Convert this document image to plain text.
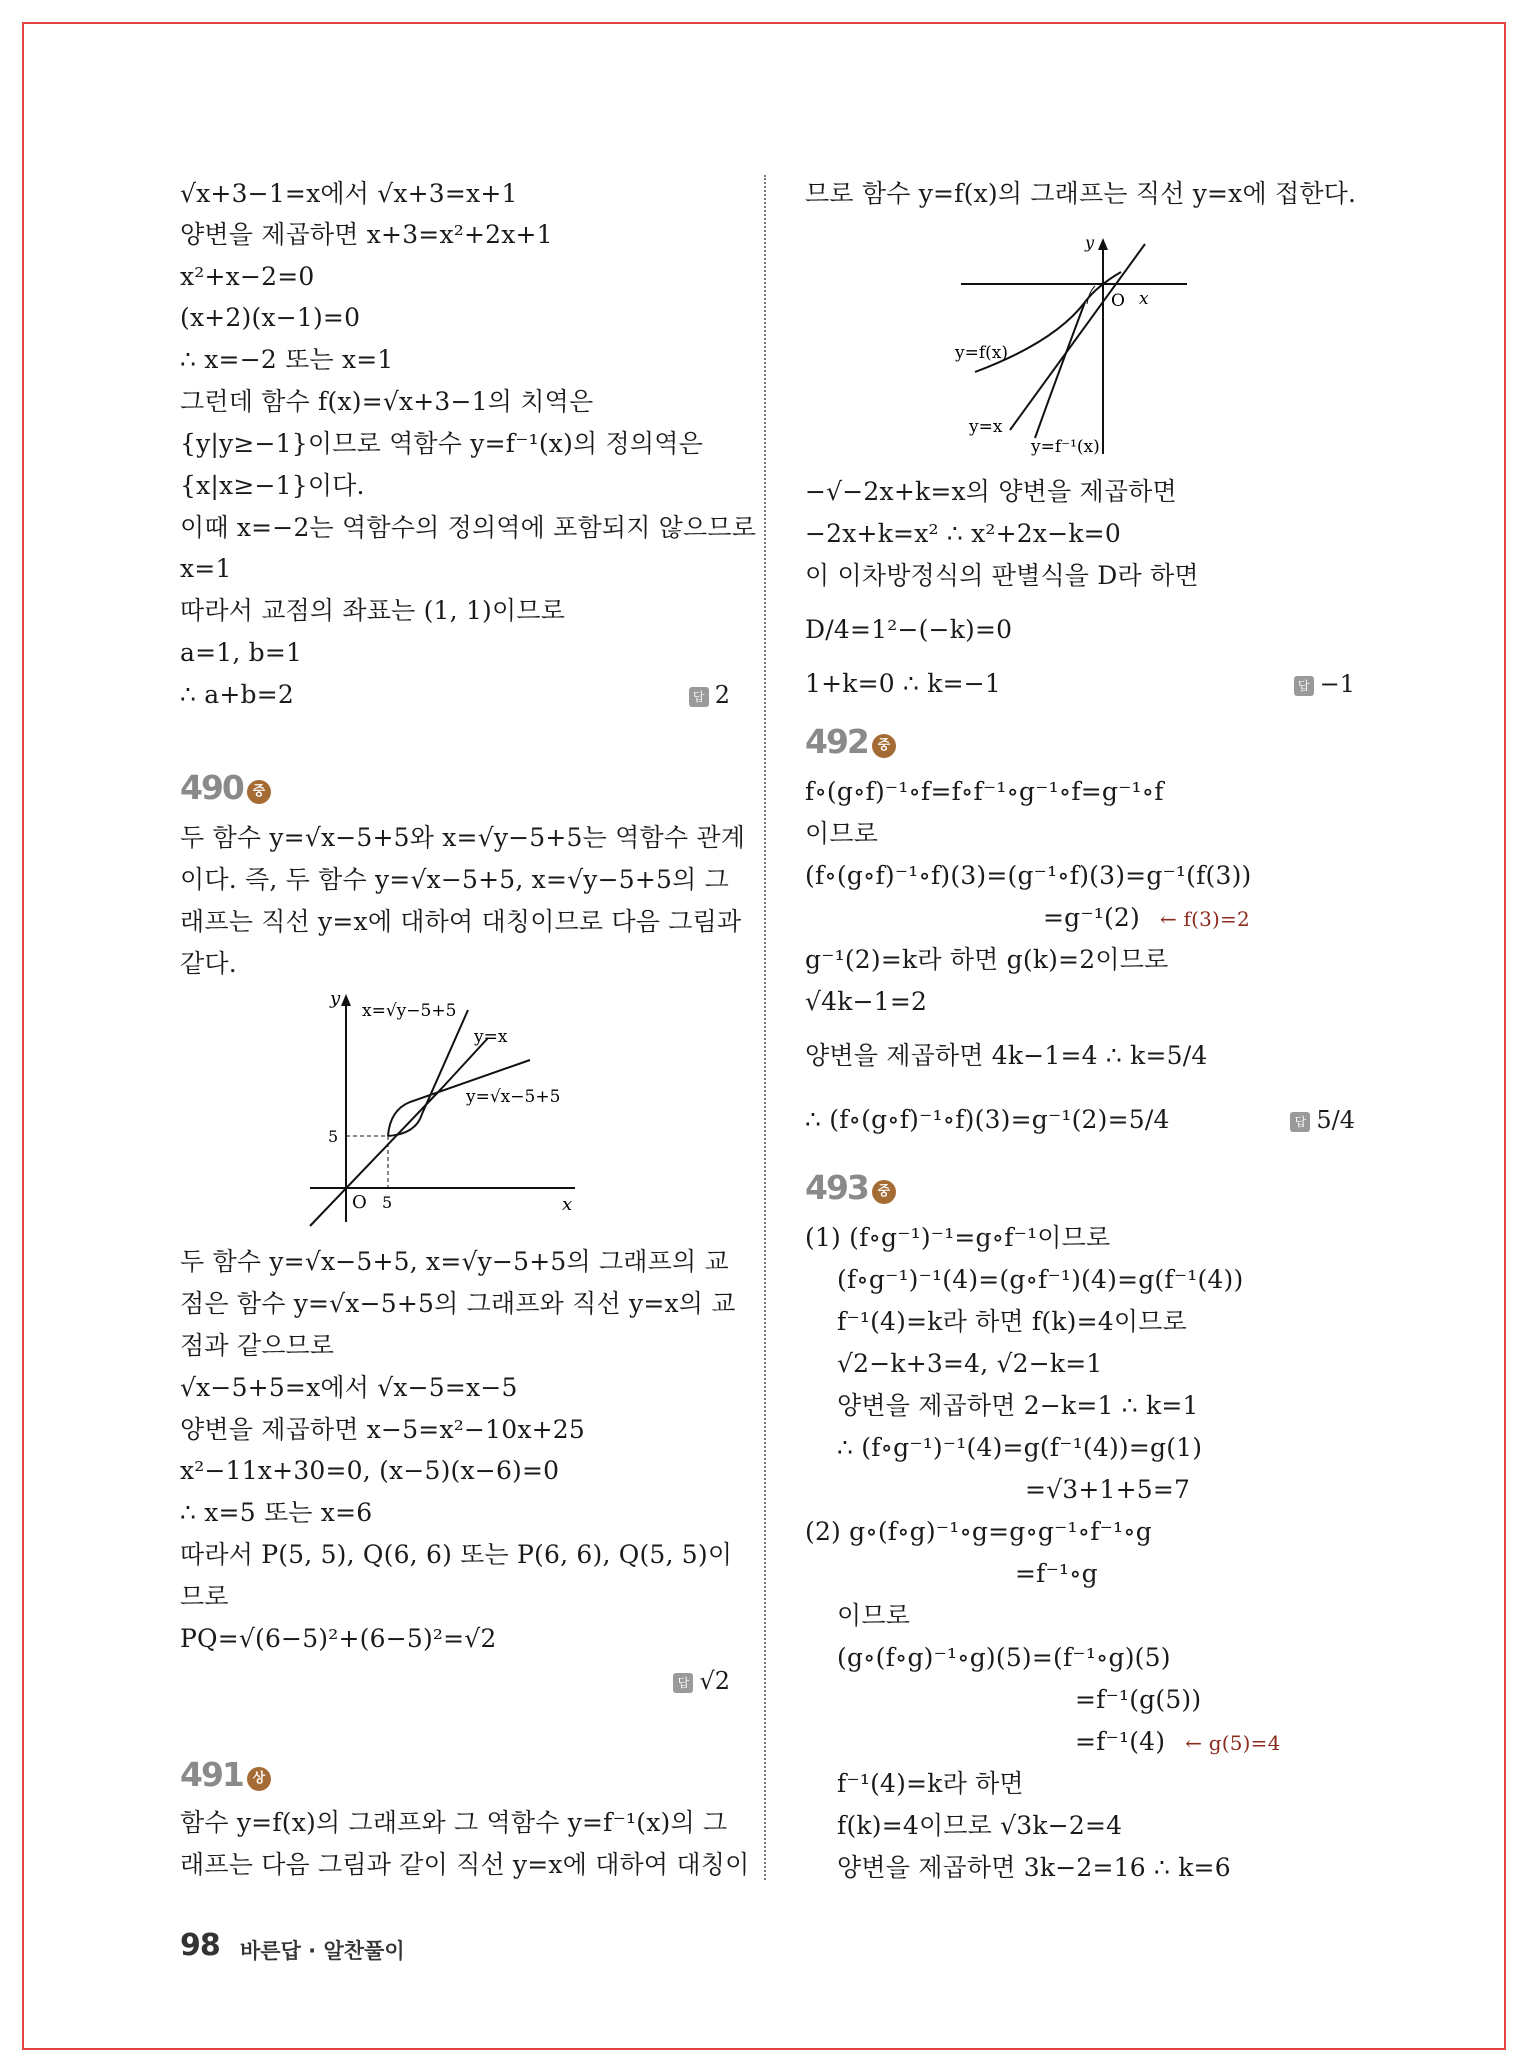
√x+3−1=x에서 √x+3=x+1
양변을 제곱하면 x+3=x²+2x+1
x²+x−2=0
(x+2)(x−1)=0
∴ x=−2 또는 x=1
그런데 함수 f(x)=√x+3−1의 치역은
{y|y≥−1}이므로 역함수 y=f⁻¹(x)의 정의역은
{x|x≥−1}이다.
이때 x=−2는 역함수의 정의역에 포함되지 않으므로
x=1
따라서 교점의 좌표는 (1, 1)이므로
a=1, b=1
∴ a+b=2	답 2
490 중
두 함수 y=√x−5+5와 x=√y−5+5는 역함수 관계
이다. 즉, 두 함수 y=√x−5+5, x=√y−5+5의 그
래프는 직선 y=x에 대하여 대칭이므로 다음 그림과
같다.
y
x
O 5
5
x=√y−5+5
y=x
y=√x−5+5
두 함수 y=√x−5+5, x=√y−5+5의 그래프의 교
점은 함수 y=√x−5+5의 그래프와 직선 y=x의 교
점과 같으므로
√x−5+5=x에서 √x−5=x−5
양변을 제곱하면 x−5=x²−10x+25
x²−11x+30=0, (x−5)(x−6)=0
∴ x=5 또는 x=6
따라서 P(5, 5), Q(6, 6) 또는 P(6, 6), Q(5, 5)이
므로
PQ=√(6−5)²+(6−5)²=√2
답 √2
491 상
함수 y=f(x)의 그래프와 그 역함수 y=f⁻¹(x)의 그
래프는 다음 그림과 같이 직선 y=x에 대하여 대칭이
므로 함수 y=f(x)의 그래프는 직선 y=x에 접한다.
y
x
O
y=f(x)
y=x
y=f⁻¹(x)
−√−2x+k=x의 양변을 제곱하면
−2x+k=x² ∴ x²+2x−k=0
이 이차방정식의 판별식을 D라 하면
D/4=1²−(−k)=0
1+k=0 ∴ k=−1	답 −1
492 중
f∘(g∘f)⁻¹∘f=f∘f⁻¹∘g⁻¹∘f=g⁻¹∘f
이므로
(f∘(g∘f)⁻¹∘f)(3)=(g⁻¹∘f)(3)=g⁻¹(f(3))
=g⁻¹(2) ← f(3)=2
g⁻¹(2)=k라 하면 g(k)=2이므로
√4k−1=2
양변을 제곱하면 4k−1=4 ∴ k=5/4
∴ (f∘(g∘f)⁻¹∘f)(3)=g⁻¹(2)=5/4	답 5/4
493 중
(1) (f∘g⁻¹)⁻¹=g∘f⁻¹이므로
(f∘g⁻¹)⁻¹(4)=(g∘f⁻¹)(4)=g(f⁻¹(4))
f⁻¹(4)=k라 하면 f(k)=4이므로
√2−k+3=4, √2−k=1
양변을 제곱하면 2−k=1 ∴ k=1
∴ (f∘g⁻¹)⁻¹(4)=g(f⁻¹(4))=g(1)
=√3+1+5=7
(2) g∘(f∘g)⁻¹∘g=g∘g⁻¹∘f⁻¹∘g
=f⁻¹∘g
이므로
(g∘(f∘g)⁻¹∘g)(5)=(f⁻¹∘g)(5)
=f⁻¹(g(5))
=f⁻¹(4) ← g(5)=4
f⁻¹(4)=k라 하면
f(k)=4이므로 √3k−2=4
양변을 제곱하면 3k−2=16 ∴ k=6
98 바른답 · 알찬풀이
